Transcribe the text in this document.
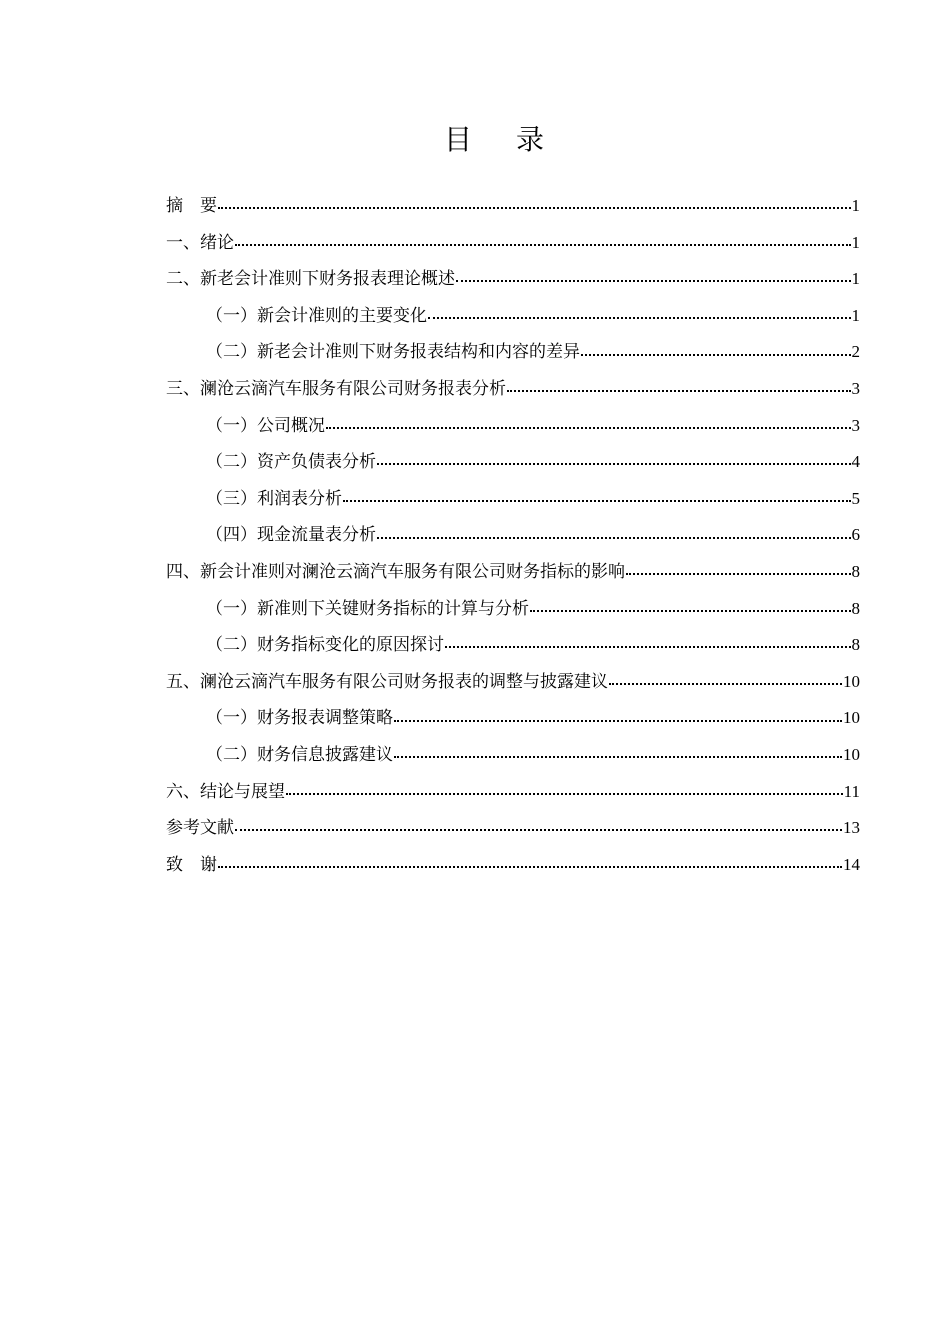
目 录
摘　要	1
一、绪论	1
二、新老会计准则下财务报表理论概述	1
（一）新会计准则的主要变化	1
（二）新老会计准则下财务报表结构和内容的差异	2
三、澜沧云滴汽车服务有限公司财务报表分析	3
（一）公司概况	3
（二）资产负债表分析	4
（三）利润表分析	5
（四）现金流量表分析	6
四、新会计准则对澜沧云滴汽车服务有限公司财务指标的影响	8
（一）新准则下关键财务指标的计算与分析	8
（二）财务指标变化的原因探讨	8
五、澜沧云滴汽车服务有限公司财务报表的调整与披露建议	10
（一）财务报表调整策略	10
（二）财务信息披露建议	10
六、结论与展望	11
参考文献	13
致　谢	14
